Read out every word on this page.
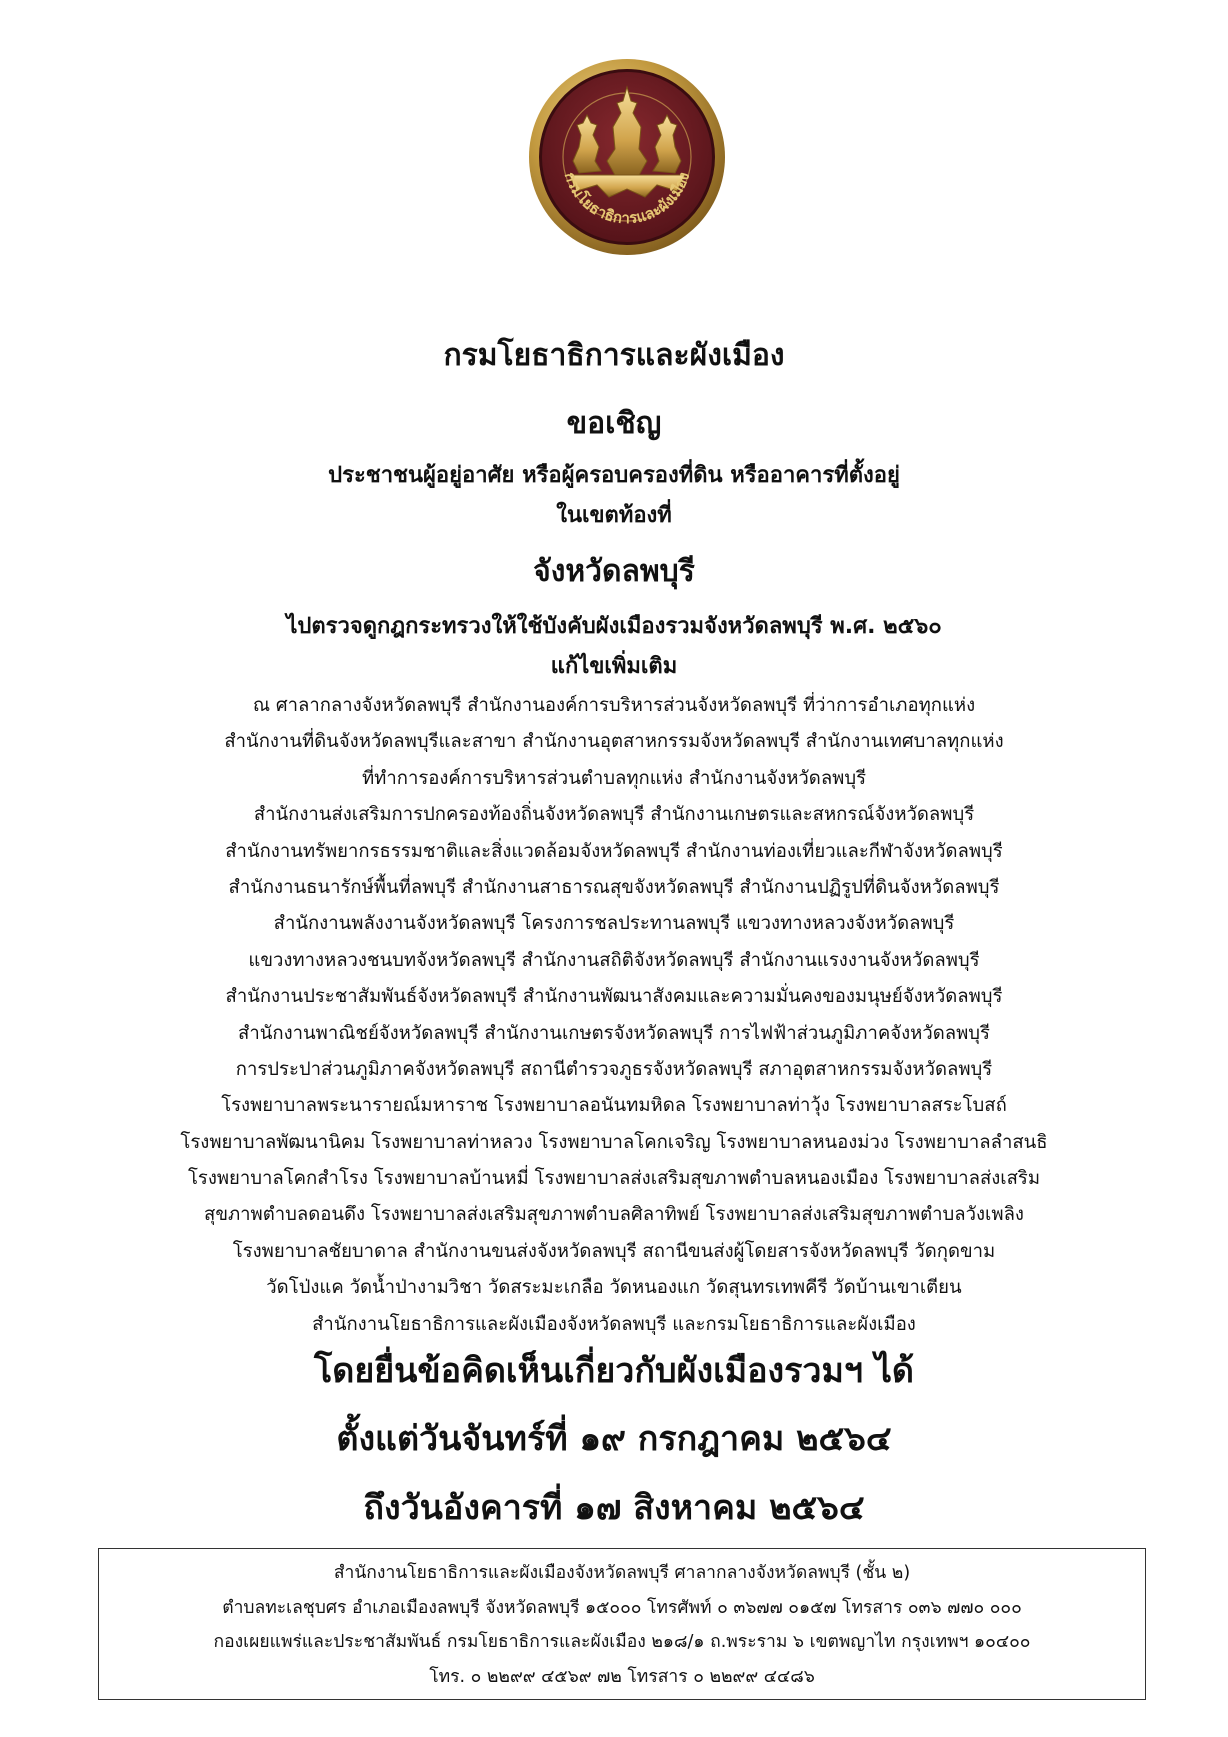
กรมโยธาธิการและผังเมือง
กรมโยธาธิการและผังเมือง
ขอเชิญ
ประชาชนผู้อยู่อาศัย หรือผู้ครอบครองที่ดิน หรืออาคารที่ตั้งอยู่
ในเขตท้องที่
จังหวัดลพบุรี
ไปตรวจดูกฎกระทรวงให้ใช้บังคับผังเมืองรวมจังหวัดลพบุรี พ.ศ. ๒๕๖๐
แก้ไขเพิ่มเติม
ณ ศาลากลางจังหวัดลพบุรี สำนักงานองค์การบริหารส่วนจังหวัดลพบุรี ที่ว่าการอำเภอทุกแห่ง
สำนักงานที่ดินจังหวัดลพบุรีและสาขา สำนักงานอุตสาหกรรมจังหวัดลพบุรี สำนักงานเทศบาลทุกแห่ง
ที่ทำการองค์การบริหารส่วนตำบลทุกแห่ง สำนักงานจังหวัดลพบุรี
สำนักงานส่งเสริมการปกครองท้องถิ่นจังหวัดลพบุรี สำนักงานเกษตรและสหกรณ์จังหวัดลพบุรี
สำนักงานทรัพยากรธรรมชาติและสิ่งแวดล้อมจังหวัดลพบุรี สำนักงานท่องเที่ยวและกีฬาจังหวัดลพบุรี
สำนักงานธนารักษ์พื้นที่ลพบุรี สำนักงานสาธารณสุขจังหวัดลพบุรี สำนักงานปฏิรูปที่ดินจังหวัดลพบุรี
สำนักงานพลังงานจังหวัดลพบุรี โครงการชลประทานลพบุรี แขวงทางหลวงจังหวัดลพบุรี
แขวงทางหลวงชนบทจังหวัดลพบุรี สำนักงานสถิติจังหวัดลพบุรี สำนักงานแรงงานจังหวัดลพบุรี
สำนักงานประชาสัมพันธ์จังหวัดลพบุรี สำนักงานพัฒนาสังคมและความมั่นคงของมนุษย์จังหวัดลพบุรี
สำนักงานพาณิชย์จังหวัดลพบุรี สำนักงานเกษตรจังหวัดลพบุรี การไฟฟ้าส่วนภูมิภาคจังหวัดลพบุรี
การประปาส่วนภูมิภาคจังหวัดลพบุรี สถานีตำรวจภูธรจังหวัดลพบุรี สภาอุตสาหกรรมจังหวัดลพบุรี
โรงพยาบาลพระนารายณ์มหาราช โรงพยาบาลอนันทมหิดล โรงพยาบาลท่าวุ้ง โรงพยาบาลสระโบสถ์
โรงพยาบาลพัฒนานิคม โรงพยาบาลท่าหลวง โรงพยาบาลโคกเจริญ โรงพยาบาลหนองม่วง โรงพยาบาลลำสนธิ
โรงพยาบาลโคกสำโรง โรงพยาบาลบ้านหมี่ โรงพยาบาลส่งเสริมสุขภาพตำบลหนองเมือง โรงพยาบาลส่งเสริม
สุขภาพตำบลดอนดึง โรงพยาบาลส่งเสริมสุขภาพตำบลศิลาทิพย์ โรงพยาบาลส่งเสริมสุขภาพตำบลวังเพลิง
โรงพยาบาลชัยบาดาล สำนักงานขนส่งจังหวัดลพบุรี สถานีขนส่งผู้โดยสารจังหวัดลพบุรี วัดกุดขาม
วัดโป่งแค วัดน้ำป่างามวิชา วัดสระมะเกลือ วัดหนองแก วัดสุนทรเทพคีรี วัดบ้านเขาเตียน
สำนักงานโยธาธิการและผังเมืองจังหวัดลพบุรี และกรมโยธาธิการและผังเมือง
โดยยื่นข้อคิดเห็นเกี่ยวกับผังเมืองรวมฯ ได้
ตั้งแต่วันจันทร์ที่ ๑๙ กรกฎาคม ๒๕๖๔
ถึงวันอังคารที่ ๑๗ สิงหาคม ๒๕๖๔
สำนักงานโยธาธิการและผังเมืองจังหวัดลพบุรี ศาลากลางจังหวัดลพบุรี (ชั้น ๒)
ตำบลทะเลชุบศร อำเภอเมืองลพบุรี จังหวัดลพบุรี ๑๕๐๐๐ โทรศัพท์ ๐ ๓๖๗๗ ๐๑๕๗ โทรสาร ๐๓๖ ๗๗๐ ๐๐๐
กองเผยแพร่และประชาสัมพันธ์ กรมโยธาธิการและผังเมือง ๒๑๘/๑ ถ.พระราม ๖ เขตพญาไท กรุงเทพฯ ๑๐๔๐๐
โทร. ๐ ๒๒๙๙ ๔๕๖๙ ๗๒ โทรสาร ๐ ๒๒๙๙ ๔๔๘๖
